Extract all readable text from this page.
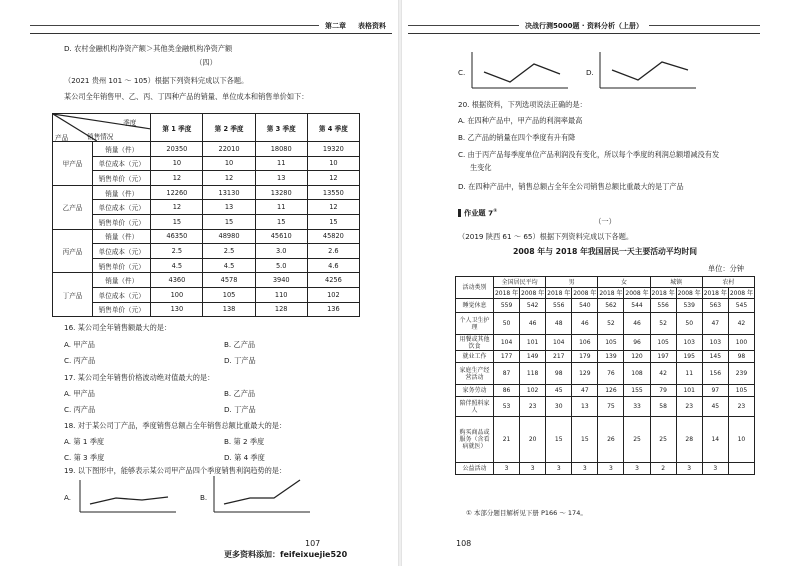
第二章 表格资料
D. 农村金融机构净资产额＞其他类金融机构净资产额
（四）
（2021 贵州 101 ～ 105）根据下列资料完成以下各题。
某公司全年销售甲、乙、丙、丁四种产品的销量、单位成本和销售单价如下：
季度
销售情况
产品		第 1 季度	第 2 季度	第 3 季度	第 4 季度
甲产品	销量（件）	20350	22010	18080	19320
	单位成本（元）	10	10	11	10
	销售单价（元）	12	12	13	12
乙产品	销量（件）	12260	13130	13280	13550
	单位成本（元）	12	13	11	12
	销售单价（元）	15	15	15	15
丙产品	销量（件）	46350	48980	45610	45820
	单位成本（元）	2.5	2.5	3.0	2.6
	销售单价（元）	4.5	4.5	5.0	4.6
丁产品	销量（件）	4360	4578	3940	4256
	单位成本（元）	100	105	110	102
	销售单价（元）	130	138	128	136
16. 某公司全年销售额最大的是：
A. 甲产品	B. 乙产品
C. 丙产品	D. 丁产品
17. 某公司全年销售价格波动绝对值最大的是：
A. 甲产品	B. 乙产品
C. 丙产品	D. 丁产品
18. 对于某公司丁产品，季度销售总额占全年销售总额比重最大的是：
A. 第 1 季度	B. 第 2 季度
C. 第 3 季度	D. 第 4 季度
19. 以下图形中，能够表示某公司甲产品四个季度销售利润趋势的是：
A.	B.
107
更多资料添加：feifeixuejie520
决战行测5000题 · 资料分析（上册）
C.	D.
20. 根据资料，下列选项说法正确的是：
A. 在四种产品中，甲产品的利润率最高
B. 乙产品的销量在四个季度有升有降
C. 由于丙产品每季度单位产品利润没有变化，所以每个季度的利润总额增减没有发
生变化
D. 在四种产品中，销售总额占全年全公司销售总额比重最大的是丁产品
作业题 7①
（一）
（2019 陕西 61 ～ 65）根据下列资料完成以下各题。
2008 年与 2018 年我国居民一天主要活动平均时间
单位：分钟
活动类别	全国居民平均		男		女		城镇		农村	
	2018 年	2008 年	2018 年	2008 年	2018 年	2008 年	2018 年	2008 年	2018 年	2008 年
睡觉休息	559	542	556	540	562	544	556	539	563	545
个人卫生护理	50	46	48	46	52	46	52	50	47	42
用餐或其他饮食	104	101	104	106	105	96	105	103	103	100
就业工作	177	149	217	179	139	120	197	195	145	98
家庭生产经营活动	87	118	98	129	76	108	42	11	156	239
家务劳动	86	102	45	47	126	155	79	101	97	105
陪伴照料家人	53	23	30	13	75	33	58	23	45	23
购买商品或服务（含看病就医）	21	20	15	15	26	25	25	28	14	10
公益活动	3	3	3	3	3	3	2	3	3	
① 本部分题目解析见下册 P166 ～ 174。
108
